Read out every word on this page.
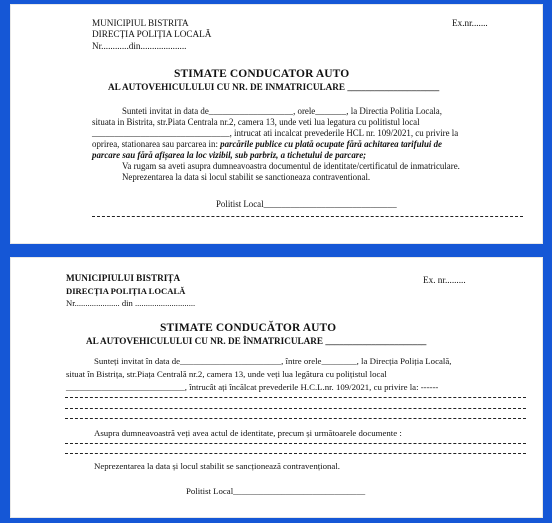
MUNICIPIUL BISTRITA
DIRECȚIA POLIȚIA LOCALĂ
Nr............din....................
Ex.nr.......
STIMATE CONDUCATOR AUTO
AL AUTOVEHICULULUI CU NR. DE INMATRICULARE ____________________
Sunteti invitat in data de___________________, orele_______, la Directia Politia Locala,
situata in Bistrita, str.Piata Centrala nr.2, camera 13, unde veti lua legatura cu politistul local
_______________________________, intrucat ati incalcat prevederile HCL nr. 109/2021, cu privire la
oprirea, stationarea sau parcarea in: parcările publice cu plată ocupate fără achitarea tarifului de
parcare sau fără afișarea la loc vizibil, sub parbriz, a tichetului de parcare;
Va rugam sa aveti asupra dumneavoastra documentul de identitate/certificatul de inmatriculare.
Neprezentarea la data si locul stabilit se sanctioneaza contraventional.
Politist Local______________________________
MUNICIPIULUI BISTRIȚA
DIRECȚIA POLIȚIA LOCALĂ
Nr..................... din ............................
Ex. nr.........
STIMATE CONDUCĂTOR AUTO
AL AUTOVEHICULULUI CU NR. DE ÎNMATRICULARE ______________________
Sunteți invitat în data de_______________________, între orele________, la Direcția Poliția Locală,
situat în Bistrița, str.Piața Centrală nr.2, camera 13, unde veți lua legătura cu polițistul local
___________________________, întrucât ați încălcat prevederile H.C.L.nr. 109/2021, cu privire la: ------
Asupra dumneavoastră veți avea actul de identitate, precum și următoarele documente :
Neprezentarea la data și locul stabilit se sancționează contravențional.
Politist Local______________________________
